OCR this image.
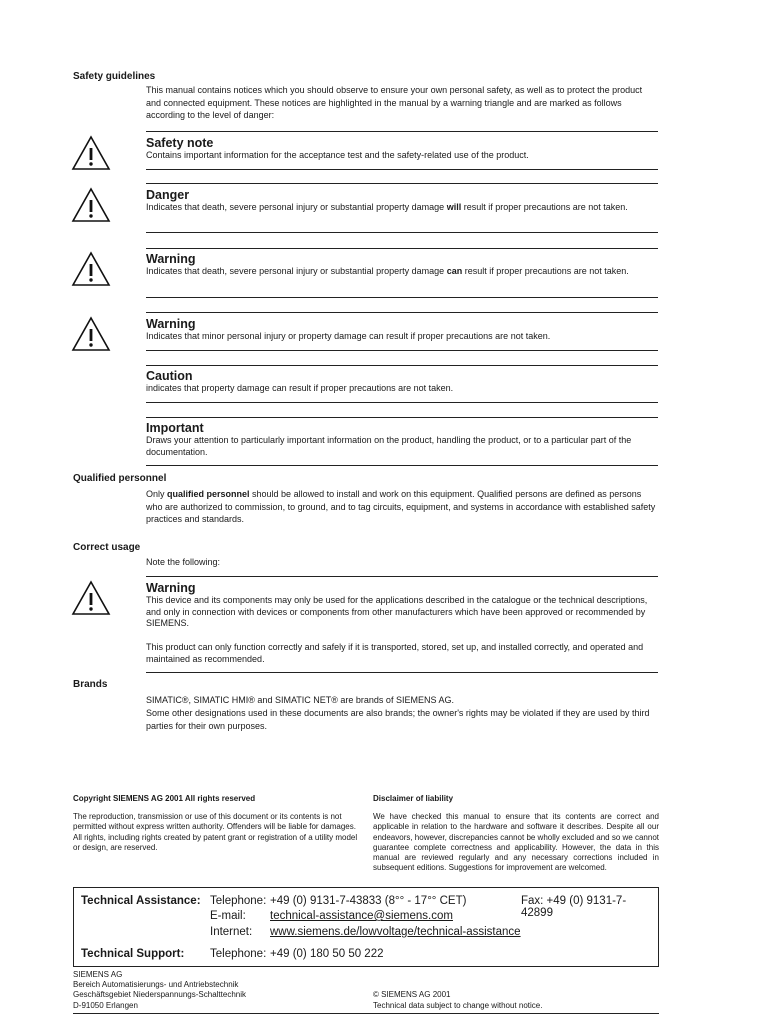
Safety guidelines
This manual contains notices which you should observe to ensure your own personal safety, as well as to protect the product and connected equipment. These notices are highlighted in the manual by a warning triangle and are marked as follows according to the level of danger:
Safety note
Contains important information for the acceptance test and the safety-related use of the product.
Danger
Indicates that death, severe personal injury or substantial property damage will result if proper precautions are not taken.
Warning
Indicates that death, severe personal injury or substantial property damage can result if proper precautions are not taken.
Warning
Indicates that minor personal injury or property damage can result if proper precautions are not taken.
Caution
indicates that property damage can result if proper precautions are not taken.
Important
Draws your attention to particularly important information on the product, handling the product, or to a particular part of the documentation.
Qualified personnel
Only qualified personnel should be allowed to install and work on this equipment. Qualified persons are defined as persons who are authorized to commission, to ground, and to tag circuits, equipment, and systems in accordance with established safety practices and standards.
Correct usage
Note the following:
Warning
This device and its components may only be used for the applications described in the catalogue or the technical descriptions, and only in connection with devices or components from other manufacturers which have been approved or recommended by SIEMENS.
This product can only function correctly and safely if it is transported, stored, set up, and installed correctly, and operated and maintained as recommended.
Brands
SIMATIC®, SIMATIC HMI® and SIMATIC NET® are brands of SIEMENS AG.
Some other designations used in these documents are also brands; the owner's rights may be violated if they are used by third parties for their own purposes.
Copyright SIEMENS AG 2001 All rights reserved
The reproduction, transmission or use of this document or its contents is not permitted without express written authority. Offenders will be liable for damages. All rights, including rights created by patent grant or registration of a utility model or design, are reserved.
Disclaimer of liability
We have checked this manual to ensure that its contents are correct and applicable in relation to the hardware and software it describes. Despite all our endeavors, however, discrepancies cannot be wholly excluded and so we cannot guarantee complete correctness and applicability. However, the data in this manual are reviewed regularly and any necessary corrections included in subsequent editions. Suggestions for improvement are welcomed.
Technical Assistance: Telephone: +49 (0) 9131-7-43833 (8°° - 17°° CET)	Fax: +49 (0) 9131-7-42899
E-mail: technical-assistance@siemens.com
Internet: www.siemens.de/lowvoltage/technical-assistance
Technical Support: Telephone: +49 (0) 180 50 50 222
SIEMENS AG
Bereich Automatisierungs- und Antriebstechnik
Geschäftsgebiet Niederspannungs-Schalttechnik
D-91050 Erlangen
© SIEMENS AG 2001
Technical data subject to change without notice.
